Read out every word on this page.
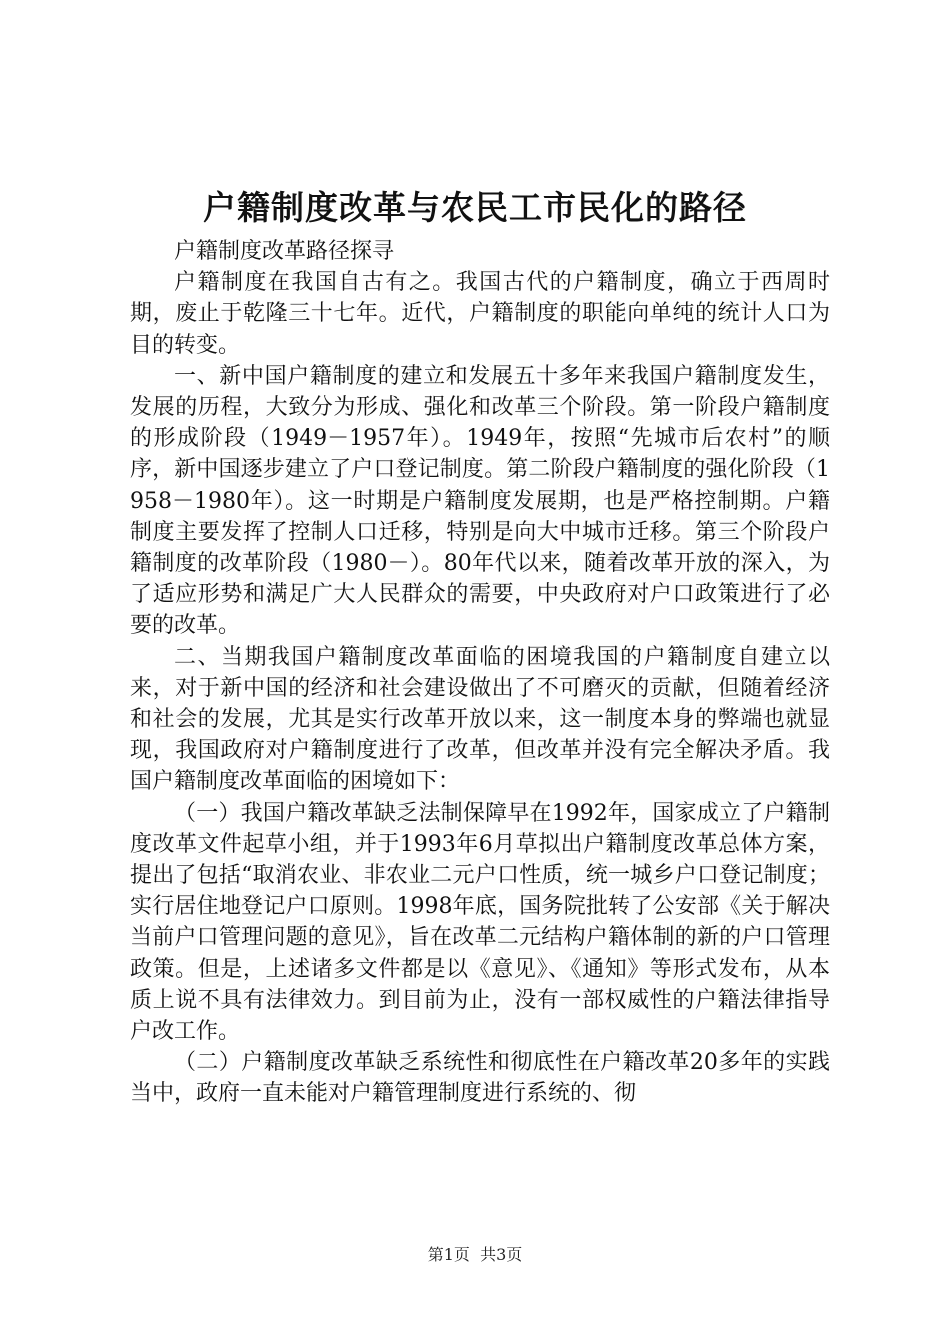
户籍制度改革与农民工市民化的路径

户籍制度改革路径探寻

户籍制度在我国自古有之。我国古代的户籍制度，确立于西周时期，废止于乾隆三十七年。近代，户籍制度的职能向单纯的统计人口为目的转变。

一、新中国户籍制度的建立和发展五十多年来我国户籍制度发生，发展的历程，大致分为形成、强化和改革三个阶段。第一阶段户籍制度的形成阶段（1949－1957年）。1949年，按照“先城市后农村”的顺序，新中国逐步建立了户口登记制度。第二阶段户籍制度的强化阶段（1958－1980年）。这一时期是户籍制度发展期，也是严格控制期。户籍制度主要发挥了控制人口迁移，特别是向大中城市迁移。第三个阶段户籍制度的改革阶段（1980－）。80年代以来，随着改革开放的深入，为了适应形势和满足广大人民群众的需要，中央政府对户口政策进行了必要的改革。

二、当期我国户籍制度改革面临的困境我国的户籍制度自建立以来，对于新中国的经济和社会建设做出了不可磨灭的贡献，但随着经济和社会的发展，尤其是实行改革开放以来，这一制度本身的弊端也就显现，我国政府对户籍制度进行了改革，但改革并没有完全解决矛盾。我国户籍制度改革面临的困境如下：

（一）我国户籍改革缺乏法制保障早在1992年，国家成立了户籍制度改革文件起草小组，并于1993年6月草拟出户籍制度改革总体方案，提出了包括“取消农业、非农业二元户口性质，统一城乡户口登记制度；实行居住地登记户口原则。1998年底，国务院批转了公安部《关于解决当前户口管理问题的意见》，旨在改革二元结构户籍体制的新的户口管理政策。但是，上述诸多文件都是以《意见》、《通知》等形式发布，从本质上说不具有法律效力。到目前为止，没有一部权威性的户籍法律指导户改工作。

（二）户籍制度改革缺乏系统性和彻底性在户籍改革20多年的实践当中，政府一直未能对户籍管理制度进行系统的、彻

第1页 共3页
